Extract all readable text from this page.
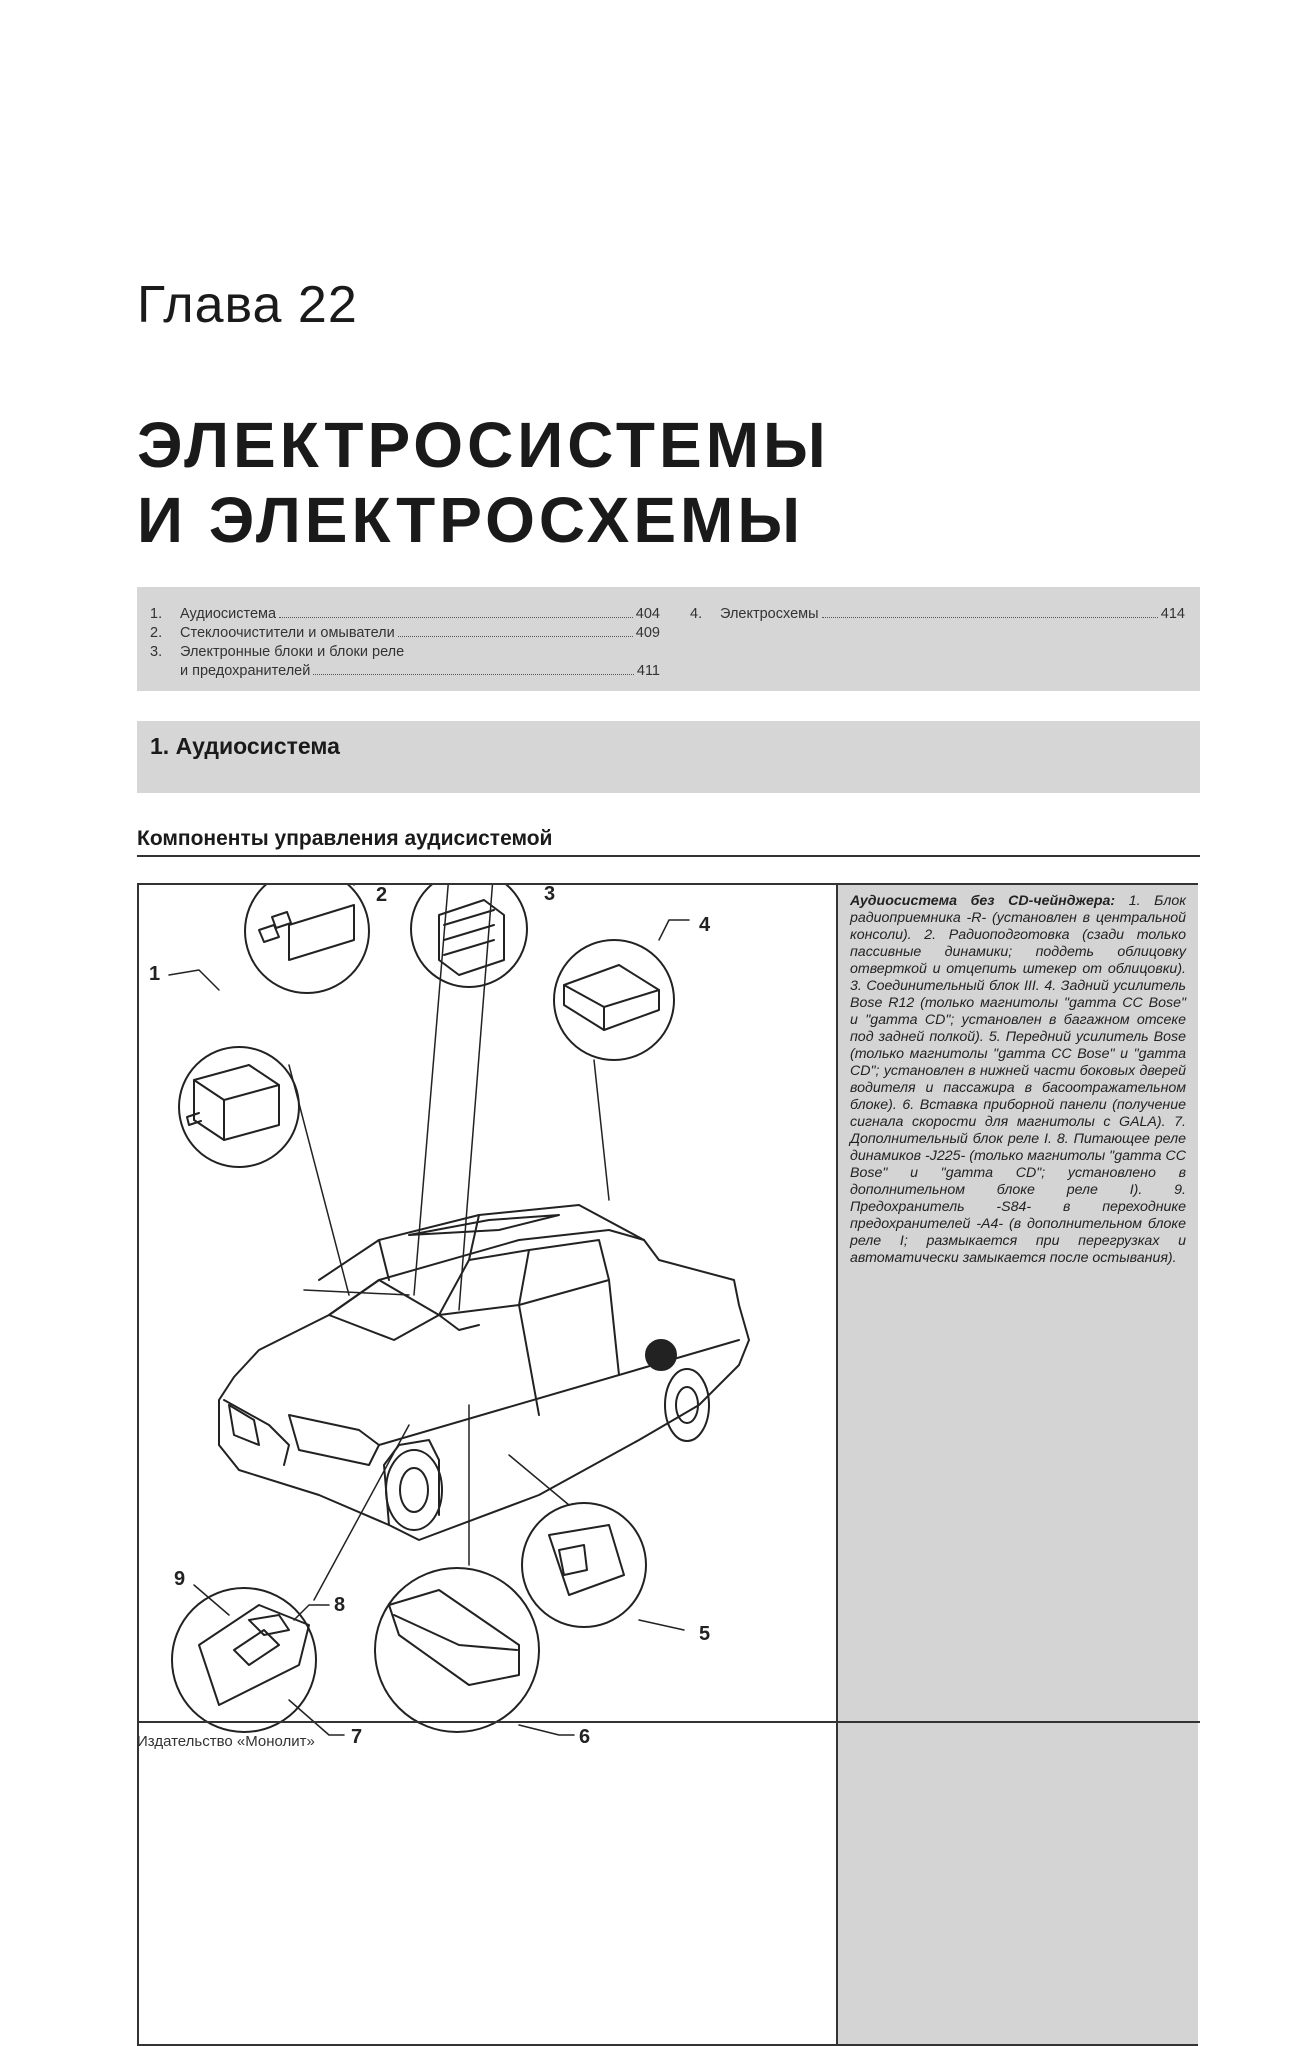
Глава 22
ЭЛЕКТРОСИСТЕМЫ
И ЭЛЕКТРОСХЕМЫ
1.	Аудиосистема	404
2.	Стеклоочистители и омыватели	409
3.	Электронные блоки и блоки реле
и предохранителей	411
4.	Электросхемы	414
1. Аудиосистема
Компоненты управления аудисистемой
1
2	3
4
5
6
7
8
9
Аудиосистема без CD-чейнджера: 1. Блок радиоприемника -R- (установлен в центральной консоли). 2. Радиоподготовка (сзади только пассивные динамики; поддеть облицовку отверткой и отцепить штекер от облицовки). 3. Соединительный блок III. 4. Задний усилитель Bose R12 (только магнитолы "gamma CC Bose" и "gamma CD"; установлен в багажном отсеке под задней полкой). 5. Передний усилитель Bose (только магнитолы "gamma CC Bose" и "gamma CD"; установлен в нижней части боковых дверей водителя и пассажира в басоотражательном блоке). 6. Вставка приборной панели (получение сигнала скорости для магнитолы с GALA). 7. Дополнительный блок реле I. 8. Питающее реле динамиков -J225- (только магнитолы "gamma CC Bose" и "gamma CD"; установлено в дополнительном блоке реле I). 9. Предохранитель -S84- в переходнике предохранителей -A4- (в дополнительном блоке реле I; размыкается при перегрузках и автоматически замыкается после остывания).
Издательство «Монолит»
